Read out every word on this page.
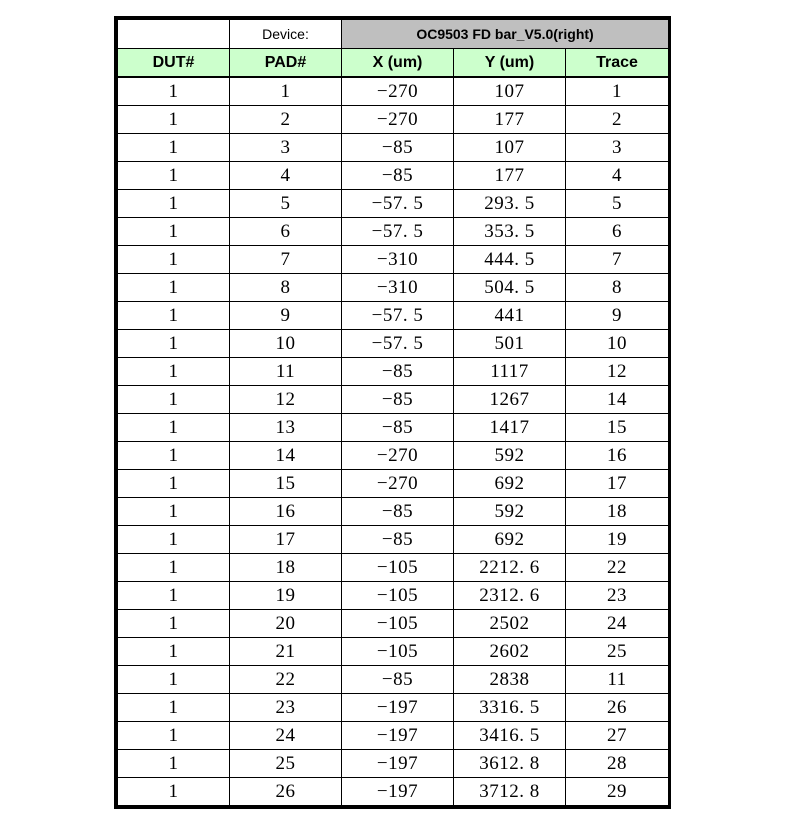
	Device:	OC9503 FD bar_V5.0(right)		
DUT#	PAD#	X (um)	Y (um)	Trace
1	1	−270	107	1
1	2	−270	177	2
1	3	−85	107	3
1	4	−85	177	4
1	5	−57. 5	293. 5	5
1	6	−57. 5	353. 5	6
1	7	−310	444. 5	7
1	8	−310	504. 5	8
1	9	−57. 5	441	9
1	10	−57. 5	501	10
1	11	−85	1117	12
1	12	−85	1267	14
1	13	−85	1417	15
1	14	−270	592	16
1	15	−270	692	17
1	16	−85	592	18
1	17	−85	692	19
1	18	−105	2212. 6	22
1	19	−105	2312. 6	23
1	20	−105	2502	24
1	21	−105	2602	25
1	22	−85	2838	11
1	23	−197	3316. 5	26
1	24	−197	3416. 5	27
1	25	−197	3612. 8	28
1	26	−197	3712. 8	29
